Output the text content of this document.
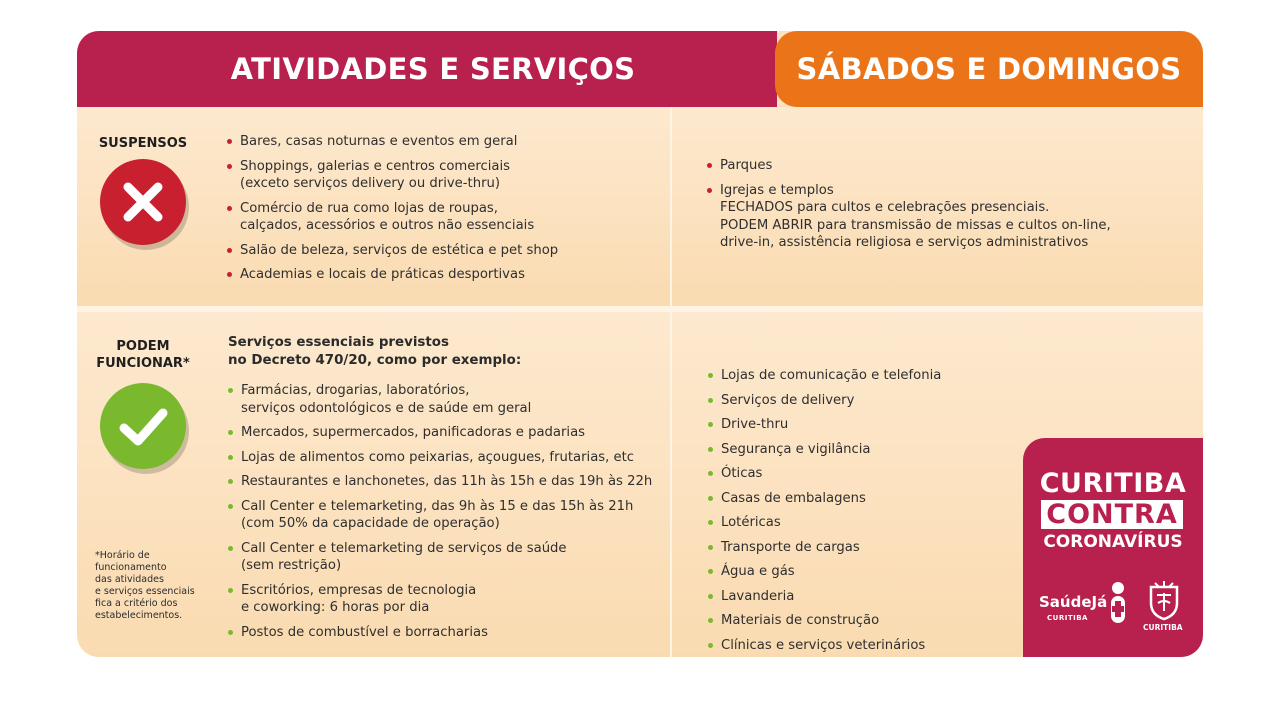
ATIVIDADES E SERVIÇOS	SÁBADOS E DOMINGOS
SUSPENSOS	Bares, casas noturnas e eventos em geral
Shoppings, galerias e centros comerciais
(exceto serviços delivery ou drive-thru)
Comércio de rua como lojas de roupas,
calçados, acessórios e outros não essenciais
Salão de beleza, serviços de estética e pet shop
Academias e locais de práticas desportivas
Parques
Igrejas e templos
FECHADOS para cultos e celebrações presenciais.
PODEM ABRIR para transmissão de missas e cultos on-line,
drive-in, assistência religiosa e serviços administrativos
PODEM
FUNCIONAR*
Serviços essenciais previstos
no Decreto 470/20, como por exemplo:
Farmácias, drogarias, laboratórios,
serviços odontológicos e de saúde em geral
Mercados, supermercados, panificadoras e padarias
Lojas de alimentos como peixarias, açougues, frutarias, etc
Restaurantes e lanchonetes, das 11h às 15h e das 19h às 22h
Call Center e telemarketing, das 9h às 15 e das 15h às 21h
(com 50% da capacidade de operação)
Call Center e telemarketing de serviços de saúde
(sem restrição)
Escritórios, empresas de tecnologia
e coworking: 6 horas por dia
Postos de combustível e borracharias
Lojas de comunicação e telefonia
Serviços de delivery
Drive-thru
Segurança e vigilância
Óticas
Casas de embalagens
Lotéricas
Transporte de cargas
Água e gás
Lavanderia
Materiais de construção
Clínicas e serviços veterinários
*Horário de
funcionamento
das atividades
e serviços essenciais
fica a critério dos
estabelecimentos.
CURITIBA
CONTRA
CORONAVÍRUS
SaúdeJá
CURITIBA
CURITIBA
